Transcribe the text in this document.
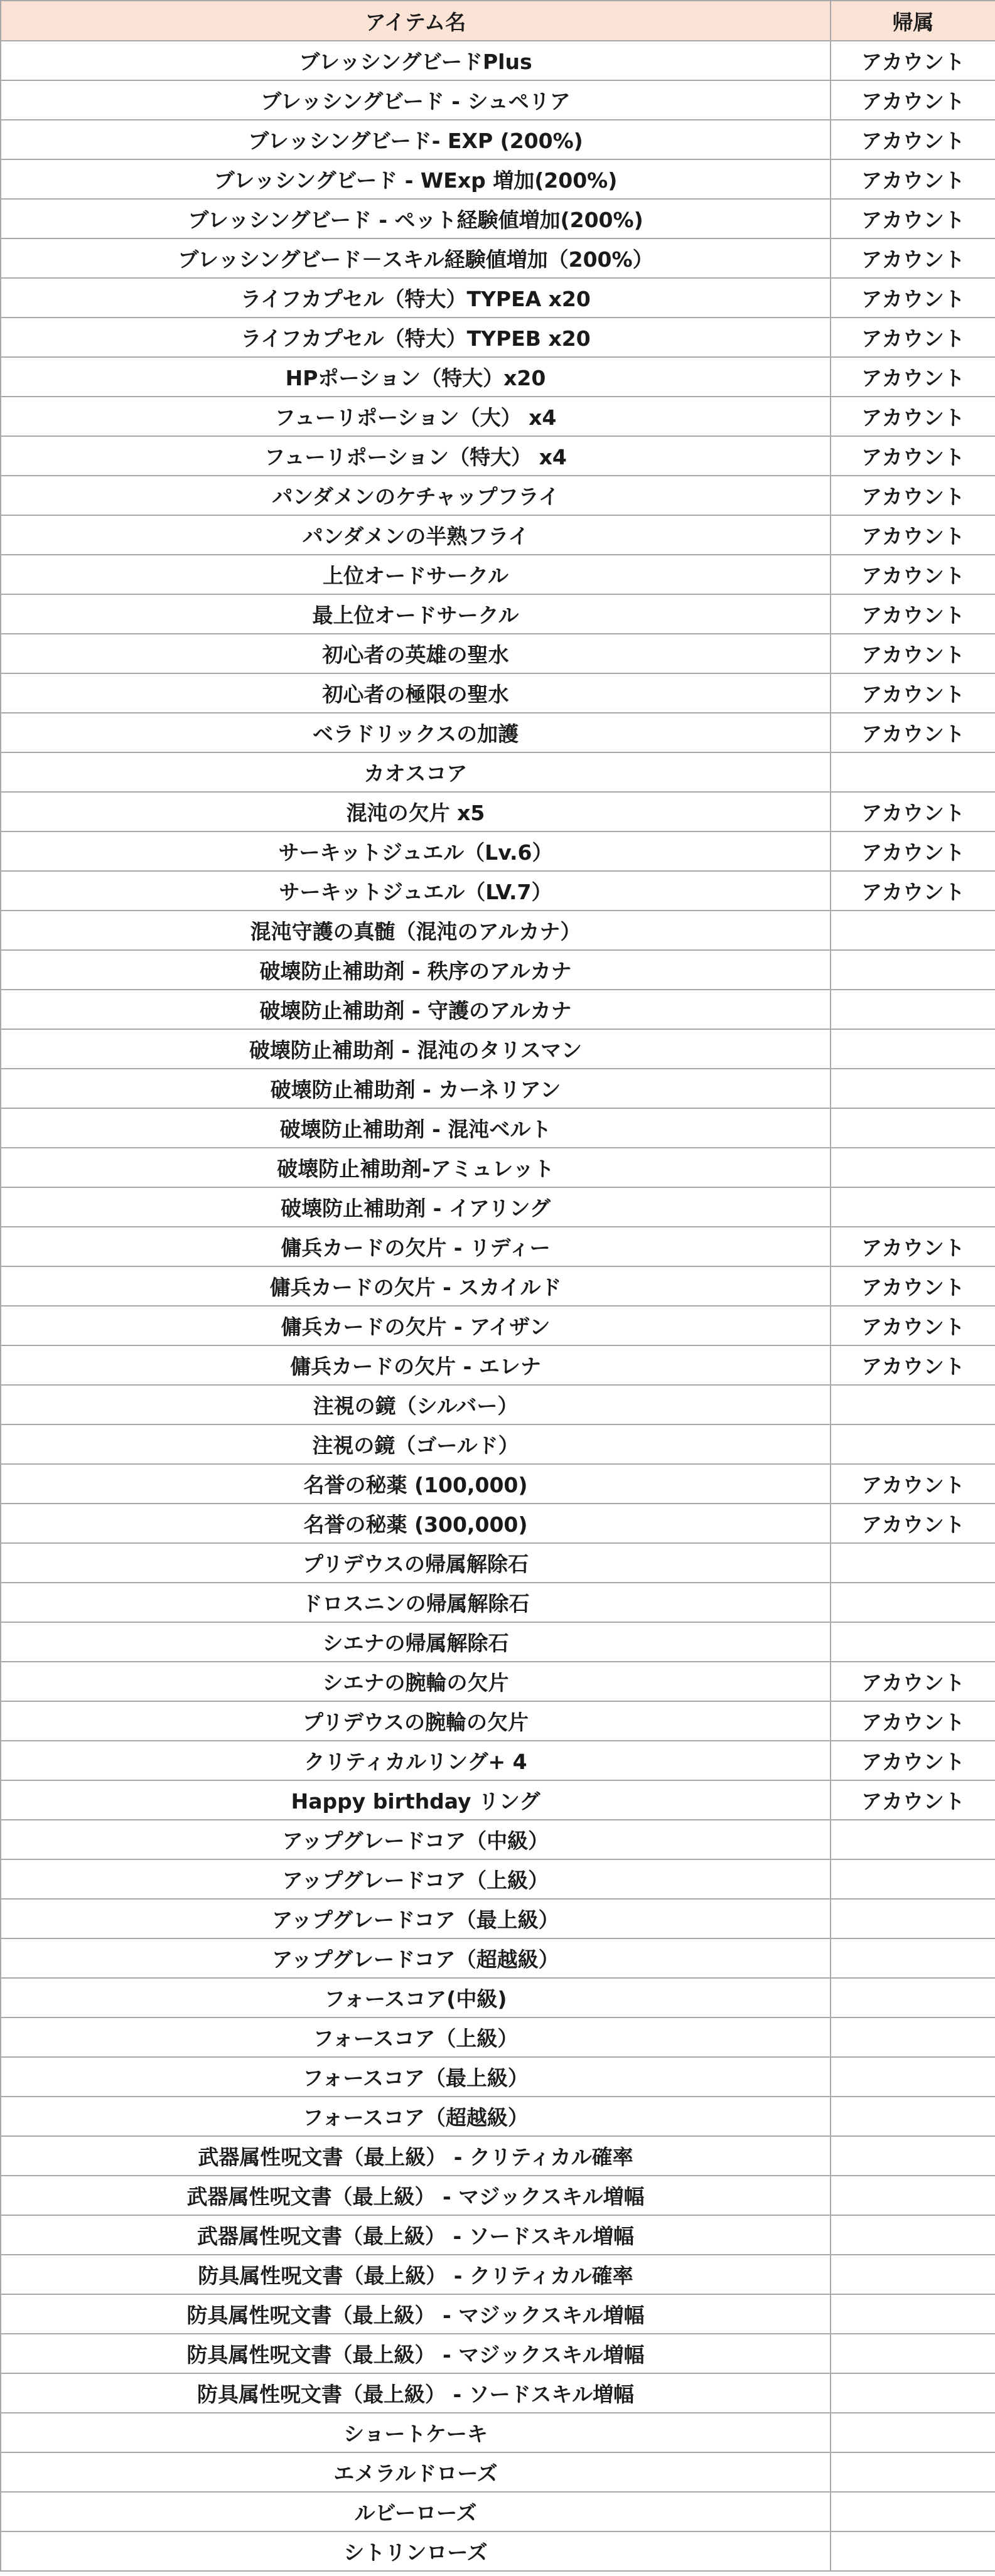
アイテム名	帰属
ブレッシングビードPlus	アカウント
ブレッシングビード - シュペリア	アカウント
ブレッシングビード- EXP (200%)	アカウント
ブレッシングビード - WExp 増加(200%)	アカウント
ブレッシングビード - ペット経験値増加(200%)	アカウント
ブレッシングビード－スキル経験値増加（200%）	アカウント
ライフカプセル（特大）TYPEA x20	アカウント
ライフカプセル（特大）TYPEB x20	アカウント
HPポーション（特大）x20	アカウント
フューリポーション（大） x4	アカウント
フューリポーション（特大） x4	アカウント
パンダメンのケチャップフライ	アカウント
パンダメンの半熟フライ	アカウント
上位オードサークル	アカウント
最上位オードサークル	アカウント
初心者の英雄の聖水	アカウント
初心者の極限の聖水	アカウント
ベラドリックスの加護	アカウント
カオスコア	
混沌の欠片 x5	アカウント
サーキットジュエル（Lv.6）	アカウント
サーキットジュエル（LV.7）	アカウント
混沌守護の真髄（混沌のアルカナ）	
破壊防止補助剤 - 秩序のアルカナ	
破壊防止補助剤 - 守護のアルカナ	
破壊防止補助剤 - 混沌のタリスマン	
破壊防止補助剤 - カーネリアン	
破壊防止補助剤 - 混沌ベルト	
破壊防止補助剤-アミュレット	
破壊防止補助剤 - イアリング	
傭兵カードの欠片 - リディー	アカウント
傭兵カードの欠片 - スカイルド	アカウント
傭兵カードの欠片 - アイザン	アカウント
傭兵カードの欠片 - エレナ	アカウント
注視の鏡（シルバー）	
注視の鏡（ゴールド）	
名誉の秘薬 (100,000)	アカウント
名誉の秘薬 (300,000)	アカウント
プリデウスの帰属解除石	
ドロスニンの帰属解除石	
シエナの帰属解除石	
シエナの腕輪の欠片	アカウント
プリデウスの腕輪の欠片	アカウント
クリティカルリング+ 4	アカウント
Happy birthday リング	アカウント
アップグレードコア（中級）	
アップグレードコア（上級）	
アップグレードコア（最上級）	
アップグレードコア（超越級）	
フォースコア(中級)	
フォースコア（上級）	
フォースコア（最上級）	
フォースコア（超越級）	
武器属性呪文書（最上級） - クリティカル確率	
武器属性呪文書（最上級） - マジックスキル増幅	
武器属性呪文書（最上級） - ソードスキル増幅	
防具属性呪文書（最上級） - クリティカル確率	
防具属性呪文書（最上級） - マジックスキル増幅	
防具属性呪文書（最上級） - マジックスキル増幅	
防具属性呪文書（最上級） - ソードスキル増幅	
ショートケーキ	
エメラルドローズ	
ルビーローズ	
シトリンローズ	
